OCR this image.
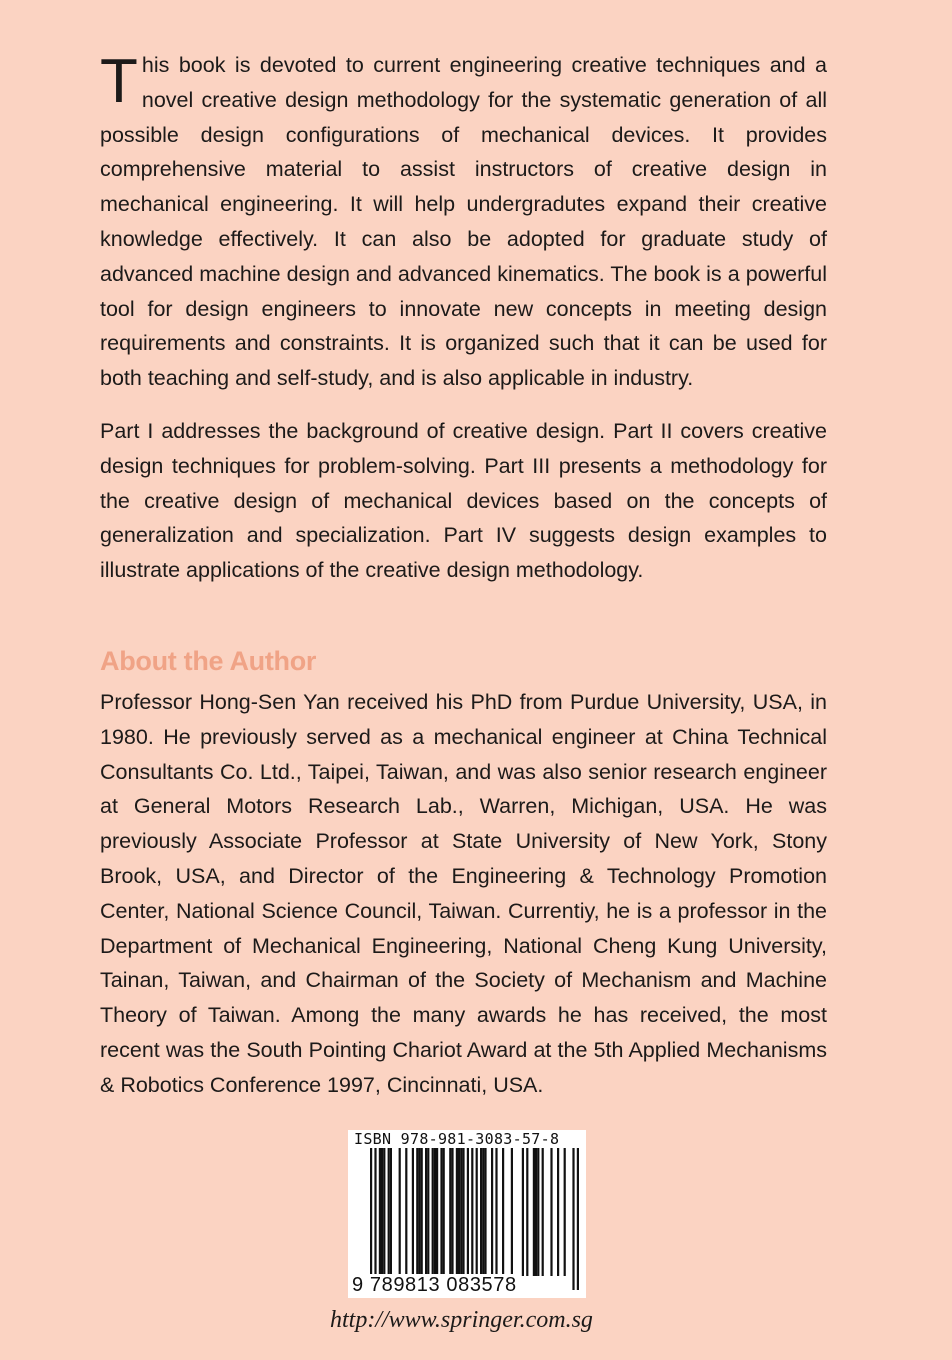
This book is devoted to current engineering creative techniques and a novel creative design methodology for the systematic generation of all possible design configurations of mechanical devices. It provides comprehensive material to assist instructors of creative design in mechanical engineering. It will help undergradutes expand their creative knowledge effectively. It can also be adopted for graduate study of advanced machine design and advanced kinematics. The book is a powerful tool for design engineers to innovate new concepts in meeting design requirements and constraints. It is organized such that it can be used for both teaching and self-study, and is also applicable in industry.

Part I addresses the background of creative design. Part II covers creative design techniques for problem-solving. Part III presents a methodology for the creative design of mechanical devices based on the concepts of generalization and specialization. Part IV suggests design examples to illustrate applications of the creative design methodology.

About the Author

Professor Hong-Sen Yan received his PhD from Purdue University, USA, in 1980. He previously served as a mechanical engineer at China Technical Consultants Co. Ltd., Taipei, Taiwan, and was also senior research engineer at General Motors Research Lab., Warren, Michigan, USA. He was previously Associate Professor at State University of New York, Stony Brook, USA, and Director of the Engineering & Technology Promotion Center, National Science Council, Taiwan. Currentiy, he is a professor in the Department of Mechanical Engineering, National Cheng Kung University, Tainan, Taiwan, and Chairman of the Society of Mechanism and Machine Theory of Taiwan. Among the many awards he has received, the most recent was the South Pointing Chariot Award at the 5th Applied Mechanisms & Robotics Conference 1997, Cincinnati, USA.

ISBN 978-981-3083-57-8
9 789813 083578
http://www.springer.com.sg
